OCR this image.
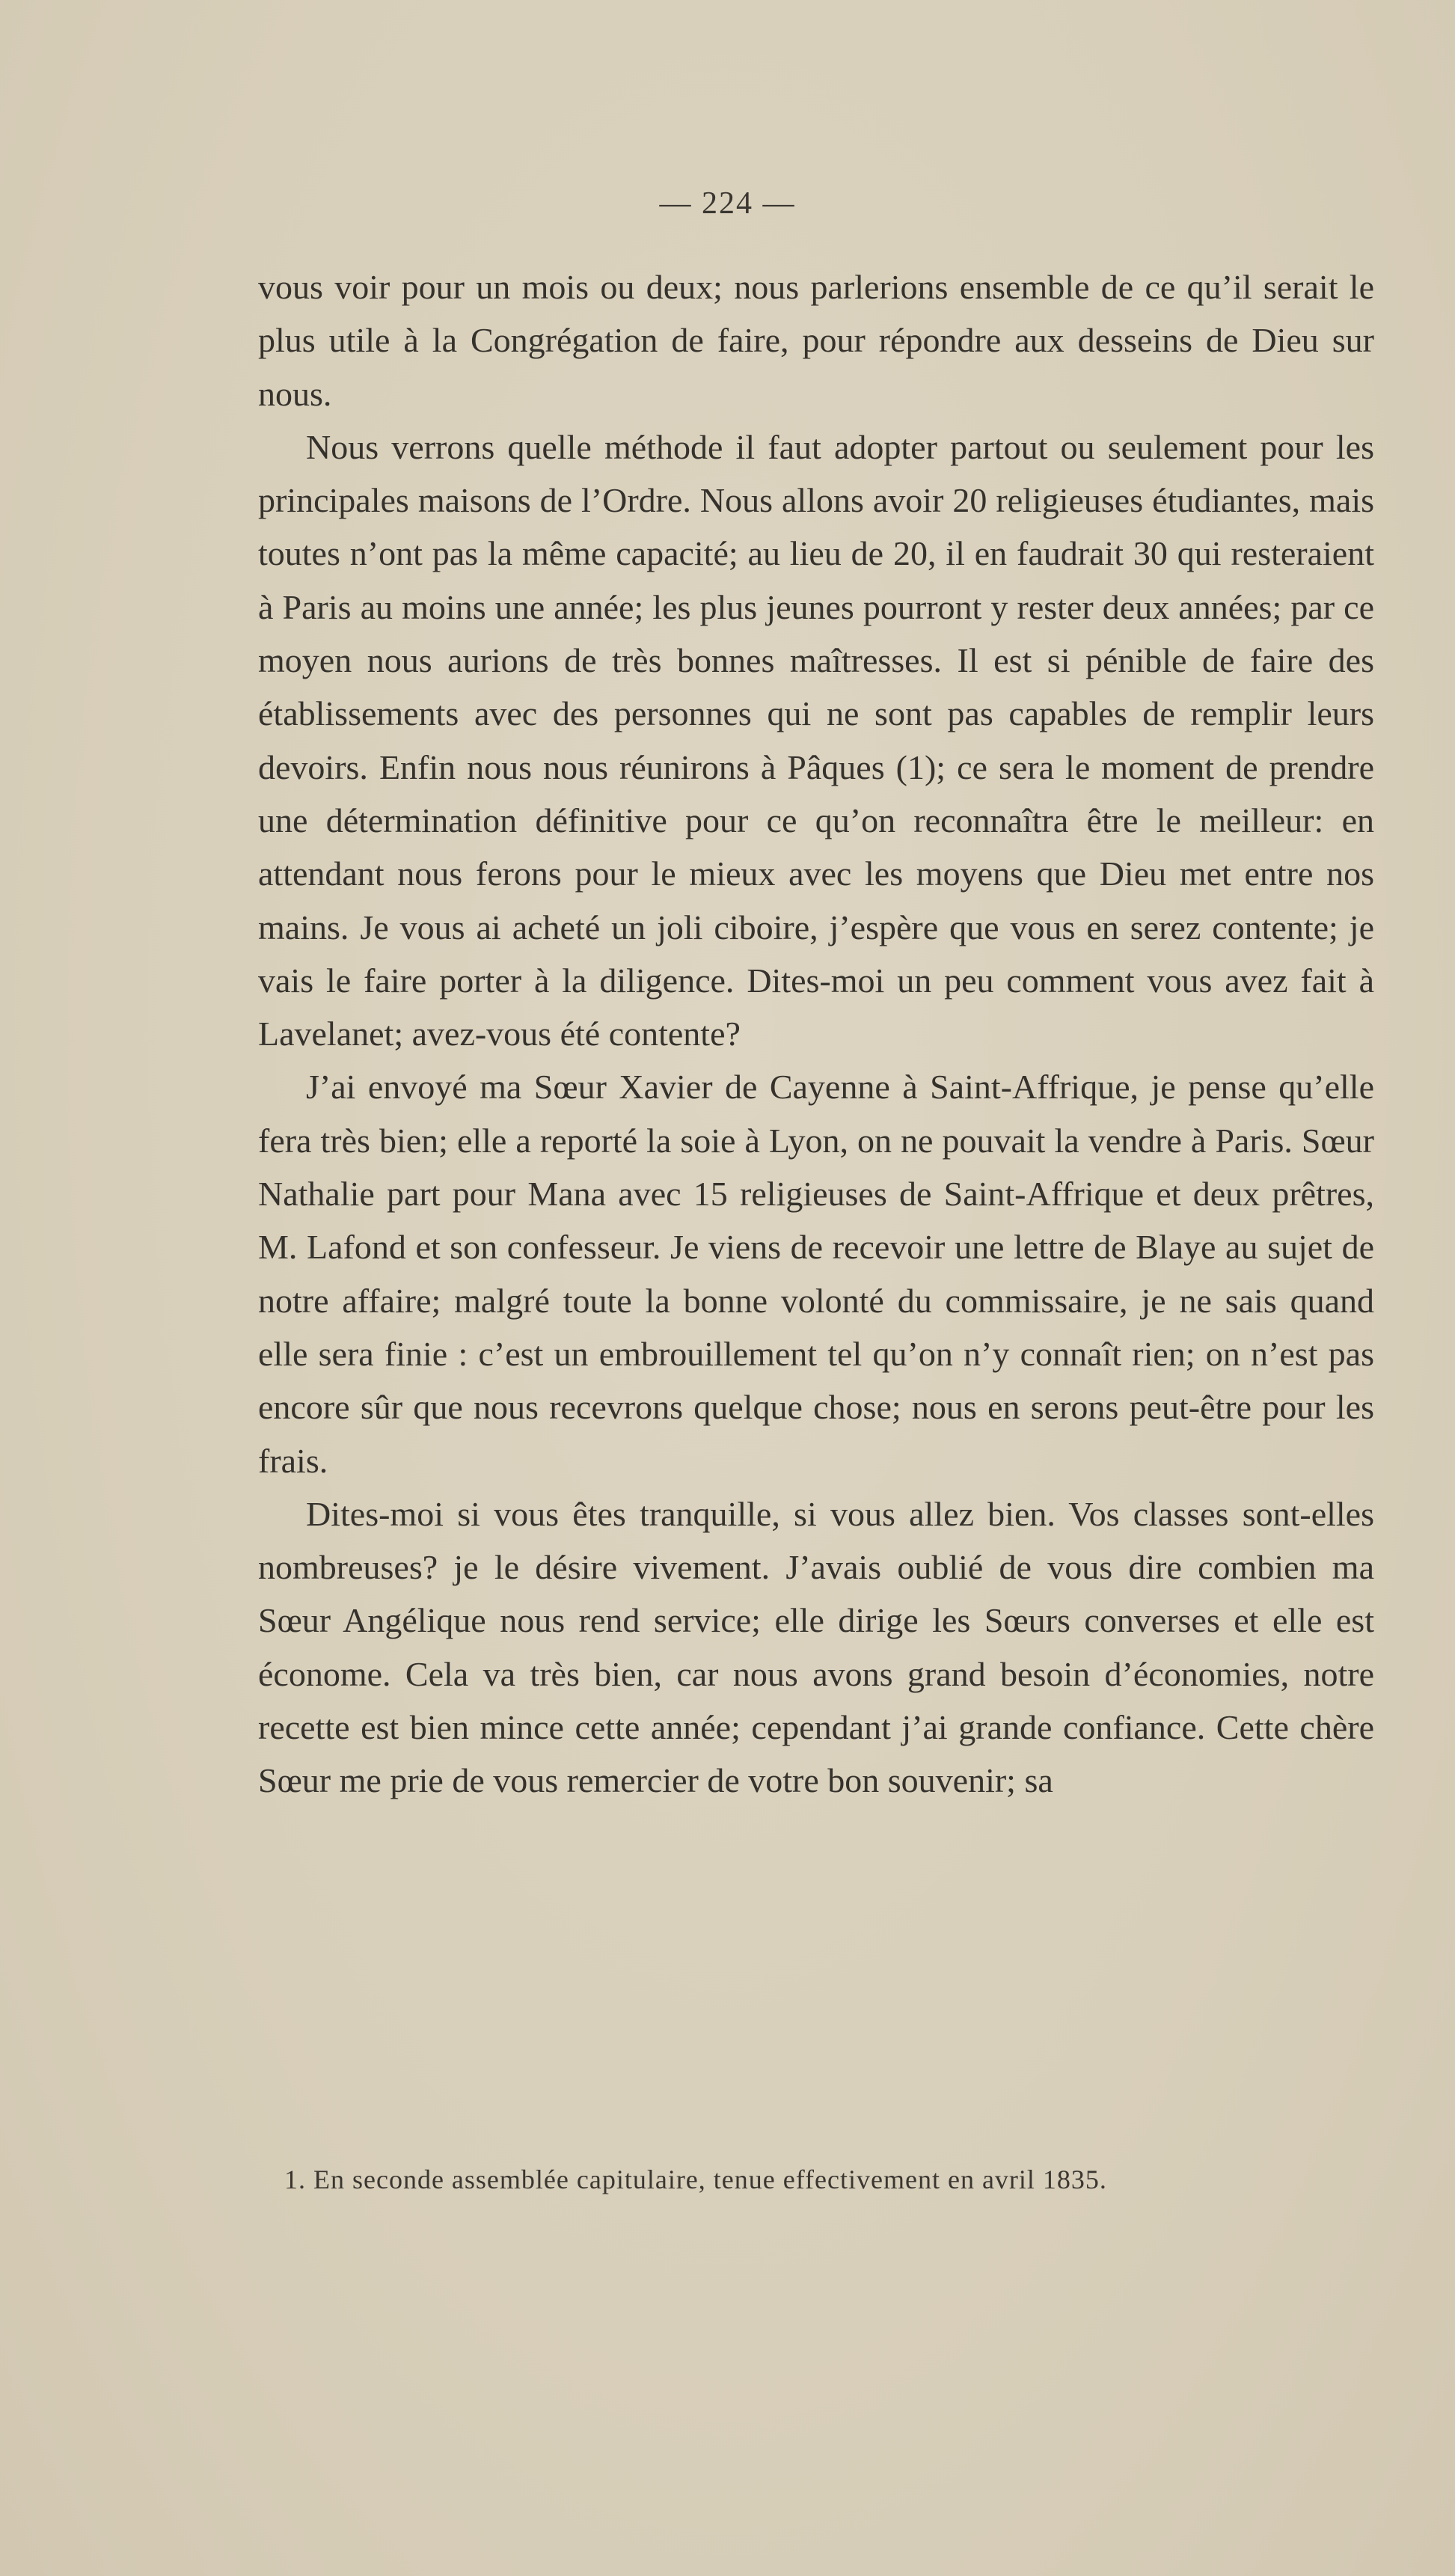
— 224 —

vous voir pour un mois ou deux; nous parlerions ensemble de ce qu’il serait le plus utile à la Congrégation de faire, pour répondre aux desseins de Dieu sur nous.

Nous verrons quelle méthode il faut adopter partout ou seulement pour les principales maisons de l’Ordre. Nous allons avoir 20 religieuses étudiantes, mais toutes n’ont pas la même capacité; au lieu de 20, il en faudrait 30 qui resteraient à Paris au moins une année; les plus jeunes pourront y rester deux années; par ce moyen nous aurions de très bonnes maîtresses. Il est si pénible de faire des établissements avec des personnes qui ne sont pas capables de remplir leurs devoirs. Enfin nous nous réunirons à Pâques (1); ce sera le moment de prendre une détermination définitive pour ce qu’on reconnaîtra être le meilleur: en attendant nous ferons pour le mieux avec les moyens que Dieu met entre nos mains. Je vous ai acheté un joli ciboire, j’espère que vous en serez contente; je vais le faire porter à la diligence. Dites-moi un peu comment vous avez fait à Lavelanet; avez-vous été contente?

J’ai envoyé ma Sœur Xavier de Cayenne à Saint-Affrique, je pense qu’elle fera très bien; elle a reporté la soie à Lyon, on ne pouvait la vendre à Paris. Sœur Nathalie part pour Mana avec 15 religieuses de Saint-Affrique et deux prêtres, M. Lafond et son confesseur. Je viens de recevoir une lettre de Blaye au sujet de notre affaire; malgré toute la bonne volonté du commissaire, je ne sais quand elle sera finie : c’est un embrouillement tel qu’on n’y connaît rien; on n’est pas encore sûr que nous recevrons quelque chose; nous en serons peut-être pour les frais.

Dites-moi si vous êtes tranquille, si vous allez bien. Vos classes sont-elles nombreuses? je le désire vivement. J’avais oublié de vous dire combien ma Sœur Angélique nous rend service; elle dirige les Sœurs converses et elle est économe. Cela va très bien, car nous avons grand besoin d’économies, notre recette est bien mince cette année; cependant j’ai grande confiance. Cette chère Sœur me prie de vous remercier de votre bon souvenir; sa

1. En seconde assemblée capitulaire, tenue effectivement en avril 1835.
